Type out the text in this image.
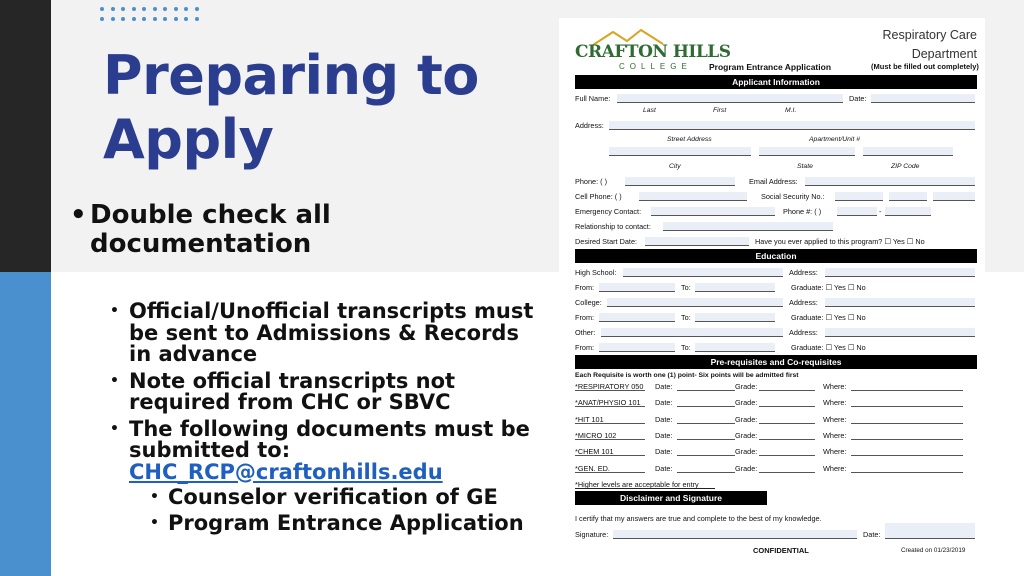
Preparing to Apply
• Double check all documentation
• Official/Unofficial transcripts must be sent to Admissions & Records in advance
• Note official transcripts not required from CHC or SBVC
• The following documents must be submitted to: CHC_RCP@craftonhills.edu
• Counselor verification of GE
• Program Entrance Application
CRAFTON HILLS
COLLEGE
Respiratory Care
Department
Program Entrance Application	(Must be filled out completely)
Applicant Information
Full Name:	Date:
Last	First	M.I.
Address:
Street Address	Apartment/Unit #
City	State	ZIP Code
Phone: ( )	Email Address:
Cell Phone: ( )	Social Security No.:
Emergency Contact:	Phone #: ( )	-
Relationship to contact:
Desired Start Date:	Have you ever applied to this program? ☐ Yes ☐ No
Education
High School:	Address:
From:	To:	Graduate: ☐ Yes ☐ No
College:	Address:
From:	To:	Graduate: ☐ Yes ☐ No
Other:	Address:
From:	To:	Graduate: ☐ Yes ☐ No
Pre-requisites and Co-requisites
Each Requisite is worth one (1) point- Six points will be admitted first
*RESPIRATORY 050 Date:	Grade:	Where:
*ANAT/PHYSIO 101 Date:	Grade:	Where:
*HIT 101	Date:	Grade:	Where:
*MICRO 102	Date:	Grade:	Where:
*CHEM 101	Date:	Grade:	Where:
*GEN. ED.	Date:	Grade:	Where:
*Higher levels are acceptable for entry
Disclaimer and Signature
I certify that my answers are true and complete to the best of my knowledge.
Signature:	Date:
CONFIDENTIAL	Created on 01/23/2019
